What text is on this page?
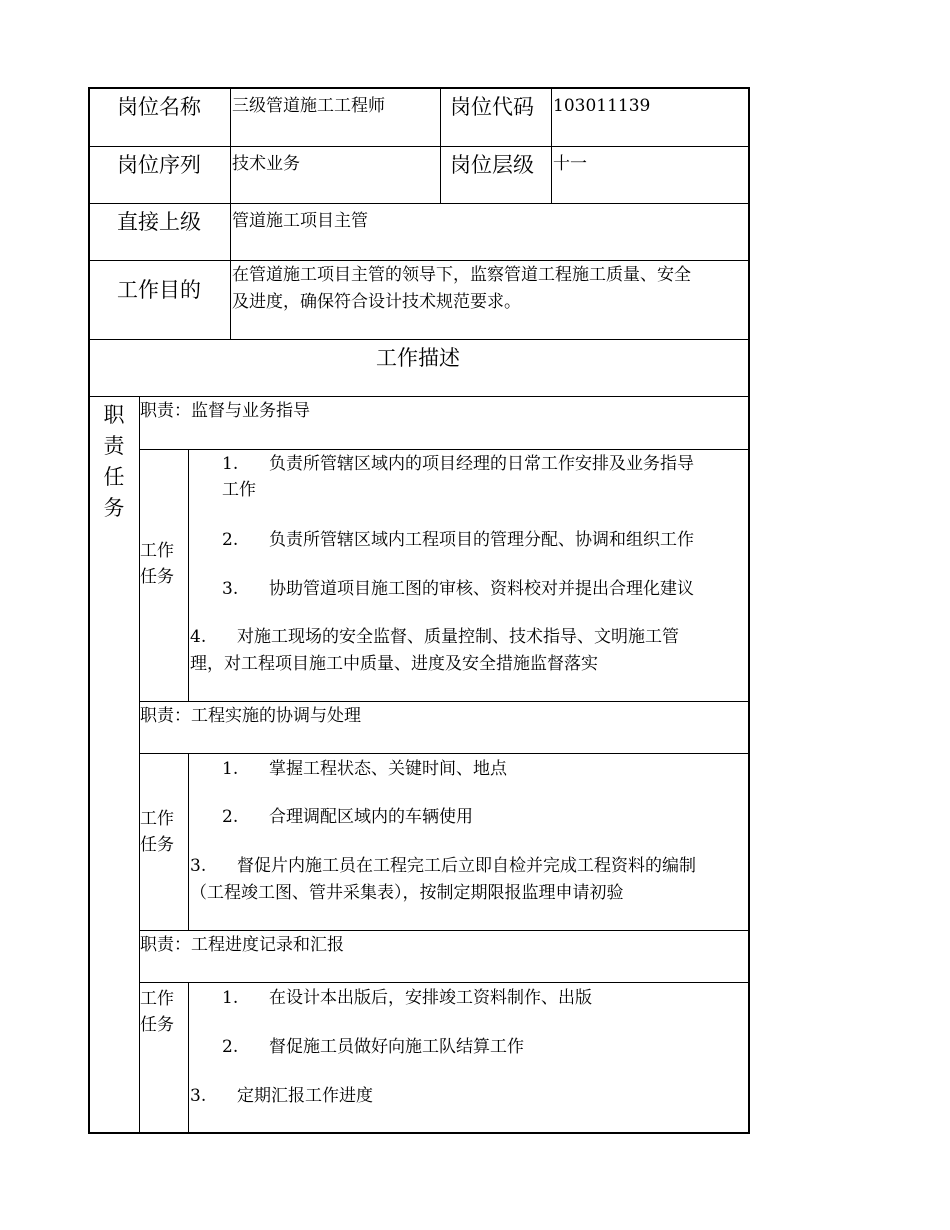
岗位名称 三级管道施工工程师	岗位代码 103011139
岗位序列 技术业务	岗位层级 十一
直接上级 管道施工项目主管
工作目的
在管道施工项目主管的领导下，监察管道工程施工质量、安全
及进度，确保符合设计技术规范要求。
工作描述
职
责
任
务
职责：监督与业务指导
工作
任务
1. 负责所管辖区域内的项目经理的日常工作安排及业务指导
工作
2. 负责所管辖区域内工程项目的管理分配、协调和组织工作
3. 协助管道项目施工图的审核、资料校对并提出合理化建议
4. 对施工现场的安全监督、质量控制、技术指导、文明施工管
理，对工程项目施工中质量、进度及安全措施监督落实
职责：工程实施的协调与处理
工作
任务
1. 掌握工程状态、关键时间、地点
2. 合理调配区域内的车辆使用
3. 督促片内施工员在工程完工后立即自检并完成工程资料的编制
（工程竣工图、管井采集表），按制定期限报监理申请初验
职责：工程进度记录和汇报
工作
任务
1. 在设计本出版后，安排竣工资料制作、出版
2. 督促施工员做好向施工队结算工作
3. 定期汇报工作进度
